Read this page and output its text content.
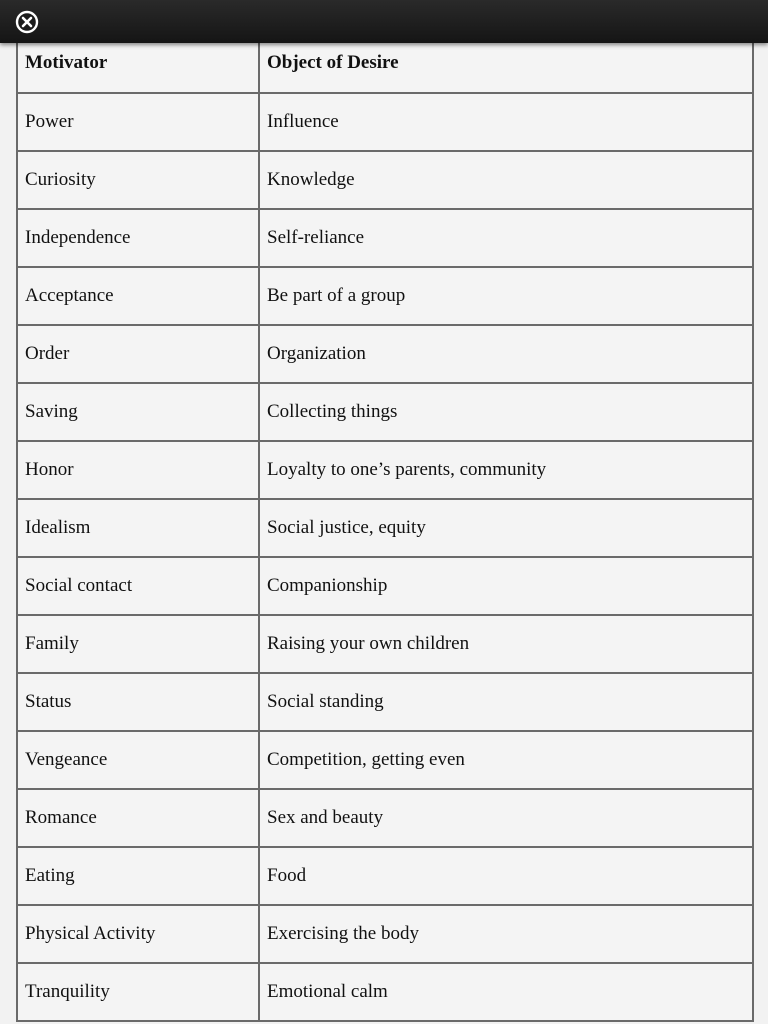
Motivator	Object of Desire
Power	Influence
Curiosity	Knowledge
Independence	Self-reliance
Acceptance	Be part of a group
Order	Organization
Saving	Collecting things
Honor	Loyalty to one’s parents, community
Idealism	Social justice, equity
Social contact	Companionship
Family	Raising your own children
Status	Social standing
Vengeance	Competition, getting even
Romance	Sex and beauty
Eating	Food
Physical Activity	Exercising the body
Tranquility	Emotional calm
